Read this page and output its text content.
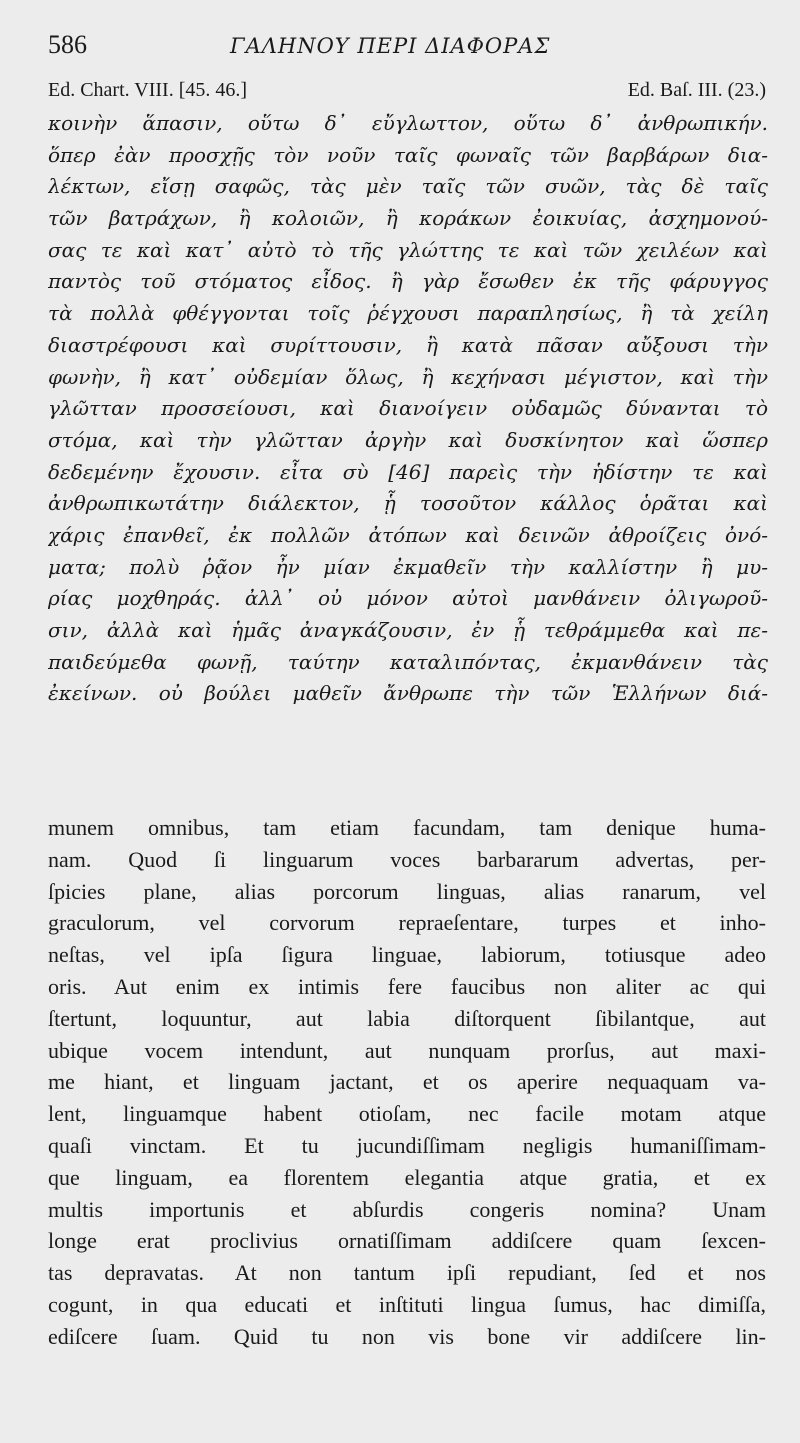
586	ΓΑΛΗΝΟΥ ΠΕΡΙ ΔΙΑΦΟΡΑΣ
Ed. Chart. VIII. [45. 46.]	Ed. Baſ. III. (23.)
κοινὴν ἅπασιν, οὕτω δ᾽ εὔγλωττον, οὕτω δ᾽ ἀνθρωπικήν.
ὅπερ ἐὰν προσχῇς τὸν νοῦν ταῖς φωναῖς τῶν βαρβάρων δια-
λέκτων, εἴσῃ σαφῶς, τὰς μὲν ταῖς τῶν συῶν, τὰς δὲ ταῖς
τῶν βατράχων, ἢ κολοιῶν, ἢ κοράκων ἐοικυίας, ἀσχημονού-
σας τε καὶ κατ᾽ αὐτὸ τὸ τῆς γλώττης τε καὶ τῶν χειλέων καὶ
παντὸς τοῦ στόματος εἶδος. ἢ γὰρ ἔσωθεν ἐκ τῆς φάρυγγος
τὰ πολλὰ φθέγγονται τοῖς ῥέγχουσι παραπλησίως, ἢ τὰ χείλη
διαστρέφουσι καὶ συρίττουσιν, ἢ κατὰ πᾶσαν αὔξουσι τὴν
φωνὴν, ἢ κατ᾽ οὐδεμίαν ὅλως, ἢ κεχήνασι μέγιστον, καὶ τὴν
γλῶτταν προσσείουσι, καὶ διανοίγειν οὐδαμῶς δύνανται τὸ
στόμα, καὶ τὴν γλῶτταν ἀργὴν καὶ δυσκίνητον καὶ ὥσπερ
δεδεμένην ἔχουσιν. εἶτα σὺ [46] παρεὶς τὴν ἡδίστην τε καὶ
ἀνθρωπικωτάτην διάλεκτον, ᾗ τοσοῦτον κάλλος ὁρᾶται καὶ
χάρις ἐπανθεῖ, ἐκ πολλῶν ἀτόπων καὶ δεινῶν ἀθροίζεις ὀνό-
ματα; πολὺ ῥᾷον ἦν μίαν ἐκμαθεῖν τὴν καλλίστην ἢ μυ-
ρίας μοχθηράς. ἀλλ᾽ οὐ μόνον αὐτοὶ μανθάνειν ὀλιγωροῦ-
σιν, ἀλλὰ καὶ ἡμᾶς ἀναγκάζουσιν, ἐν ᾗ τεθράμμεθα καὶ πε-
παιδεύμεθα φωνῇ, ταύτην καταλιπόντας, ἐκμανθάνειν τὰς
ἐκείνων. οὐ βούλει μαθεῖν ἄνθρωπε τὴν τῶν Ἑλλήνων διά-
munem omnibus, tam etiam facundam, tam denique huma-
nam. Quod ſi linguarum voces barbararum advertas, per-
ſpicies plane, alias porcorum linguas, alias ranarum, vel
graculorum, vel corvorum repraeſentare, turpes et inho-
neſtas, vel ipſa ſigura linguae, labiorum, totiusque adeo
oris. Aut enim ex intimis fere faucibus non aliter ac qui
ſtertunt, loquuntur, aut labia diſtorquent ſibilantque, aut
ubique vocem intendunt, aut nunquam prorſus, aut maxi-
me hiant, et linguam jactant, et os aperire nequaquam va-
lent, linguamque habent otioſam, nec facile motam atque
quaſi vinctam. Et tu jucundiſſimam negligis humaniſſimam-
que linguam, ea florentem elegantia atque gratia, et ex
multis importunis et abſurdis congeris nomina? Unam
longe erat proclivius ornatiſſimam addiſcere quam ſexcen-
tas depravatas. At non tantum ipſi repudiant, ſed et nos
cogunt, in qua educati et inſtituti lingua ſumus, hac dimiſſa,
ediſcere ſuam. Quid tu non vis bone vir addiſcere lin-
